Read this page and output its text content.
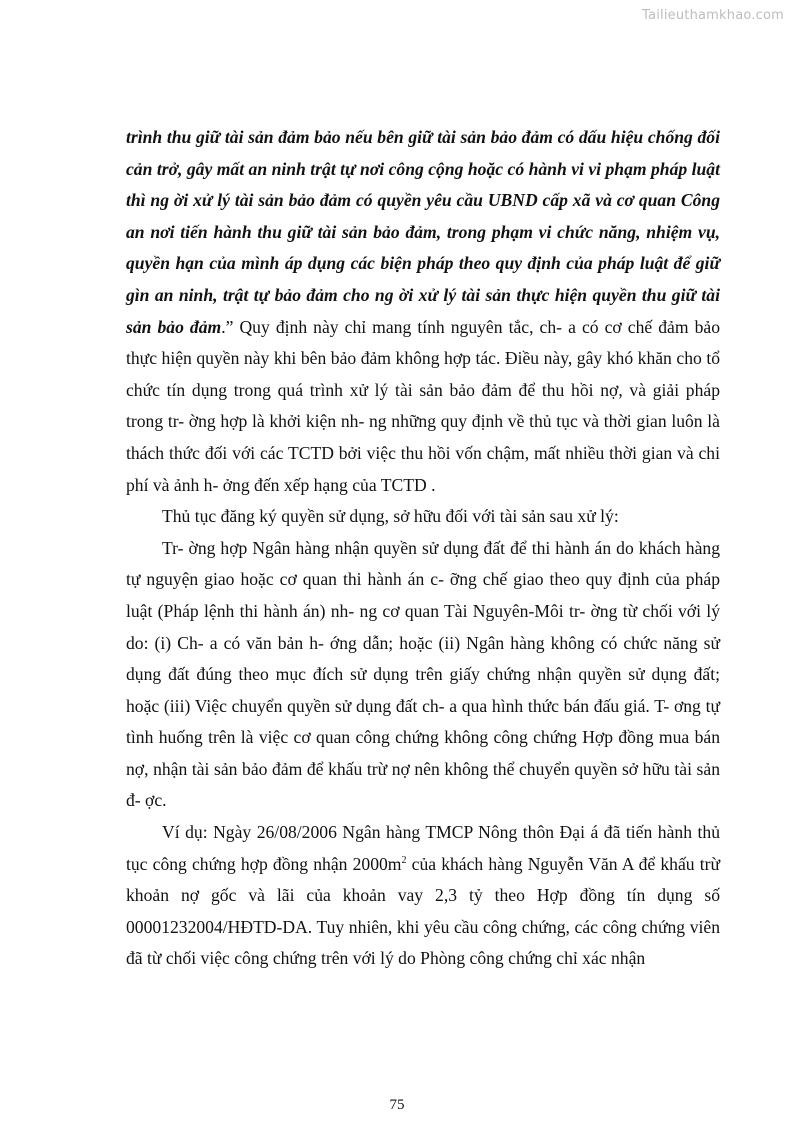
Tailieuthamkhao.com

trình thu giữ tài sản đảm bảo nếu bên giữ tài sản bảo đảm có dấu hiệu chống đối cản trở, gây mất an ninh trật tự nơi công cộng hoặc có hành vi vi phạm pháp luật thì ng ời xử lý tài sản bảo đảm có quyền yêu cầu UBND cấp xã và cơ quan Công an nơi tiến hành thu giữ tài sản bảo đảm, trong phạm vi chức năng, nhiệm vụ, quyền hạn của mình áp dụng các biện pháp theo quy định của pháp luật để giữ gìn an ninh, trật tự bảo đảm cho ng ời xử lý tài sản thực hiện quyền thu giữ tài sản bảo đảm.” Quy định này chỉ mang tính nguyên tắc, ch- a có cơ chế đảm bảo thực hiện quyền này khi bên bảo đảm không hợp tác. Điều này, gây khó khăn cho tổ chức tín dụng trong quá trình xử lý tài sản bảo đảm để thu hồi nợ, và giải pháp trong tr- ờng hợp là khởi kiện nh- ng những quy định về thủ tục và thời gian luôn là thách thức đối với các TCTD bởi việc thu hồi vốn chậm, mất nhiều thời gian và chi phí và ảnh h- ởng đến xếp hạng của TCTD .

Thủ tục đăng ký quyền sử dụng, sở hữu đối với tài sản sau xử lý:

Tr- ờng hợp Ngân hàng nhận quyền sử dụng đất để thi hành án do khách hàng tự nguyện giao hoặc cơ quan thi hành án c- ỡng chế giao theo quy định của pháp luật (Pháp lệnh thi hành án) nh- ng cơ quan Tài Nguyên-Môi tr- ờng từ chối với lý do: (i) Ch- a có văn bản h- ớng dẫn; hoặc (ii) Ngân hàng không có chức năng sử dụng đất đúng theo mục đích sử dụng trên giấy chứng nhận quyền sử dụng đất; hoặc (iii) Việc chuyển quyền sử dụng đất ch- a qua hình thức bán đấu giá. T- ơng tự tình huống trên là việc cơ quan công chứng không công chứng Hợp đồng mua bán nợ, nhận tài sản bảo đảm để khấu trừ nợ nên không thể chuyển quyền sở hữu tài sản đ- ợc.

Ví dụ: Ngày 26/08/2006 Ngân hàng TMCP Nông thôn Đại á đã tiến hành thủ tục công chứng hợp đồng nhận $2000m^2$ của khách hàng Nguyễn Văn A để khấu trừ khoản nợ gốc và lãi của khoản vay 2,3 tỷ theo Hợp đồng tín dụng số 00001232004/HĐTD-DA. Tuy nhiên, khi yêu cầu công chứng, các công chứng viên đã từ chối việc công chứng trên với lý do Phòng công chứng chỉ xác nhận

75
